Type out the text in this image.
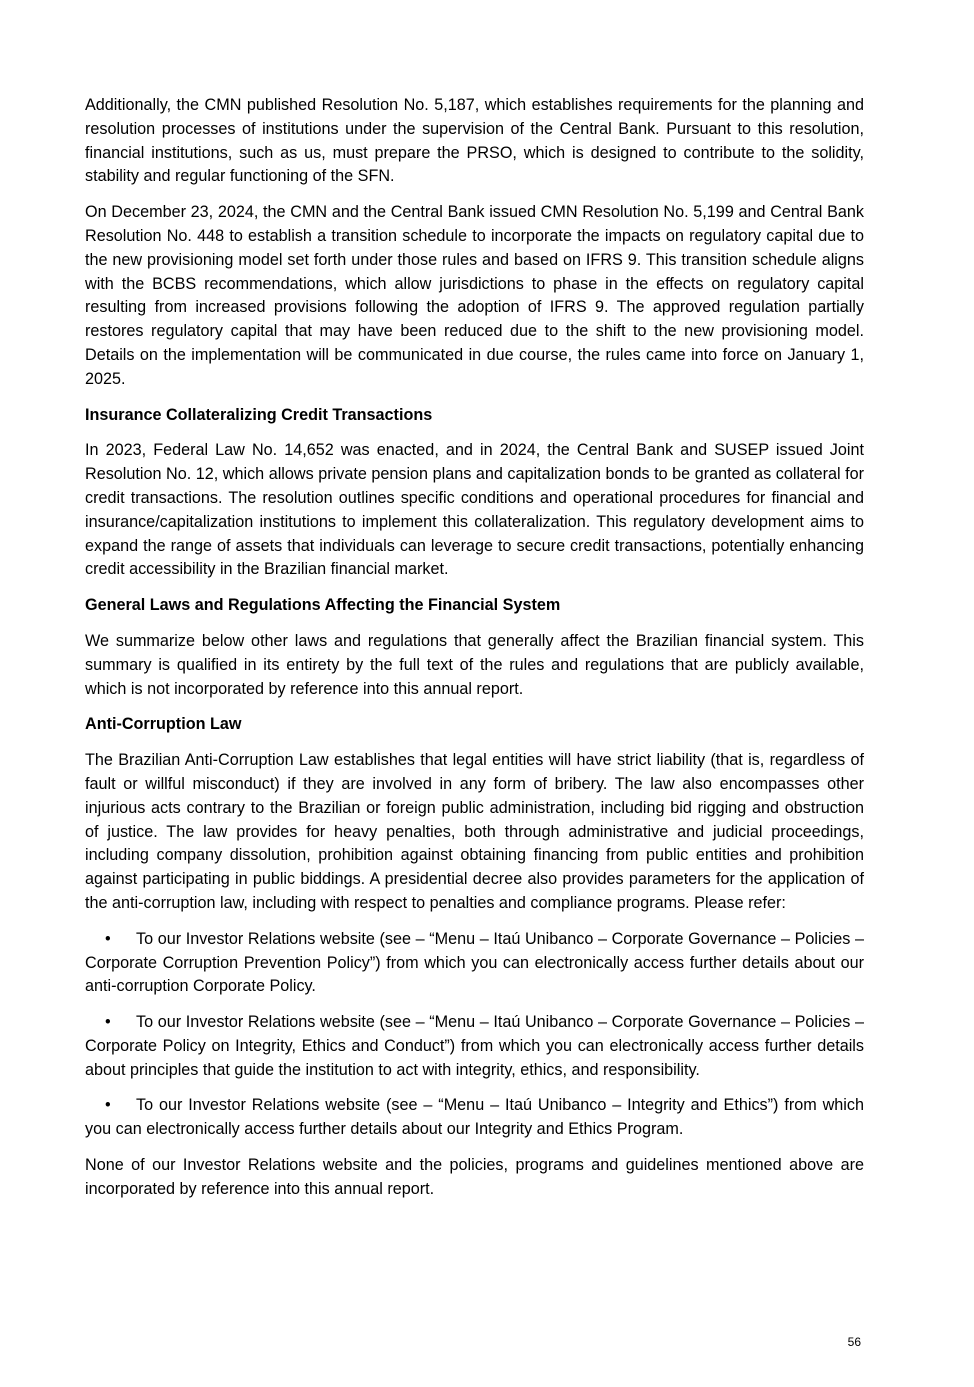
Additionally, the CMN published Resolution No. 5,187, which establishes requirements for the planning and resolution processes of institutions under the supervision of the Central Bank. Pursuant to this resolution, financial institutions, such as us, must prepare the PRSO, which is designed to contribute to the solidity, stability and regular functioning of the SFN.

On December 23, 2024, the CMN and the Central Bank issued CMN Resolution No. 5,199 and Central Bank Resolution No. 448 to establish a transition schedule to incorporate the impacts on regulatory capital due to the new provisioning model set forth under those rules and based on IFRS 9. This transition schedule aligns with the BCBS recommendations, which allow jurisdictions to phase in the effects on regulatory capital resulting from increased provisions following the adoption of IFRS 9. The approved regulation partially restores regulatory capital that may have been reduced due to the shift to the new provisioning model. Details on the implementation will be communicated in due course, the rules came into force on January 1, 2025.

Insurance Collateralizing Credit Transactions

In 2023, Federal Law No. 14,652 was enacted, and in 2024, the Central Bank and SUSEP issued Joint Resolution No. 12, which allows private pension plans and capitalization bonds to be granted as collateral for credit transactions. The resolution outlines specific conditions and operational procedures for financial and insurance/capitalization institutions to implement this collateralization. This regulatory development aims to expand the range of assets that individuals can leverage to secure credit transactions, potentially enhancing credit accessibility in the Brazilian financial market.

General Laws and Regulations Affecting the Financial System

We summarize below other laws and regulations that generally affect the Brazilian financial system. This summary is qualified in its entirety by the full text of the rules and regulations that are publicly available, which is not incorporated by reference into this annual report.

Anti-Corruption Law

The Brazilian Anti-Corruption Law establishes that legal entities will have strict liability (that is, regardless of fault or willful misconduct) if they are involved in any form of bribery. The law also encompasses other injurious acts contrary to the Brazilian or foreign public administration, including bid rigging and obstruction of justice. The law provides for heavy penalties, both through administrative and judicial proceedings, including company dissolution, prohibition against obtaining financing from public entities and prohibition against participating in public biddings. A presidential decree also provides parameters for the application of the anti-corruption law, including with respect to penalties and compliance programs. Please refer:

• To our Investor Relations website (see – “Menu – Itaú Unibanco – Corporate Governance – Policies – Corporate Corruption Prevention Policy”) from which you can electronically access further details about our anti-corruption Corporate Policy.

• To our Investor Relations website (see – “Menu – Itaú Unibanco – Corporate Governance – Policies – Corporate Policy on Integrity, Ethics and Conduct”) from which you can electronically access further details about principles that guide the institution to act with integrity, ethics, and responsibility.

• To our Investor Relations website (see – “Menu – Itaú Unibanco – Integrity and Ethics”) from which you can electronically access further details about our Integrity and Ethics Program.

None of our Investor Relations website and the policies, programs and guidelines mentioned above are incorporated by reference into this annual report.

56
